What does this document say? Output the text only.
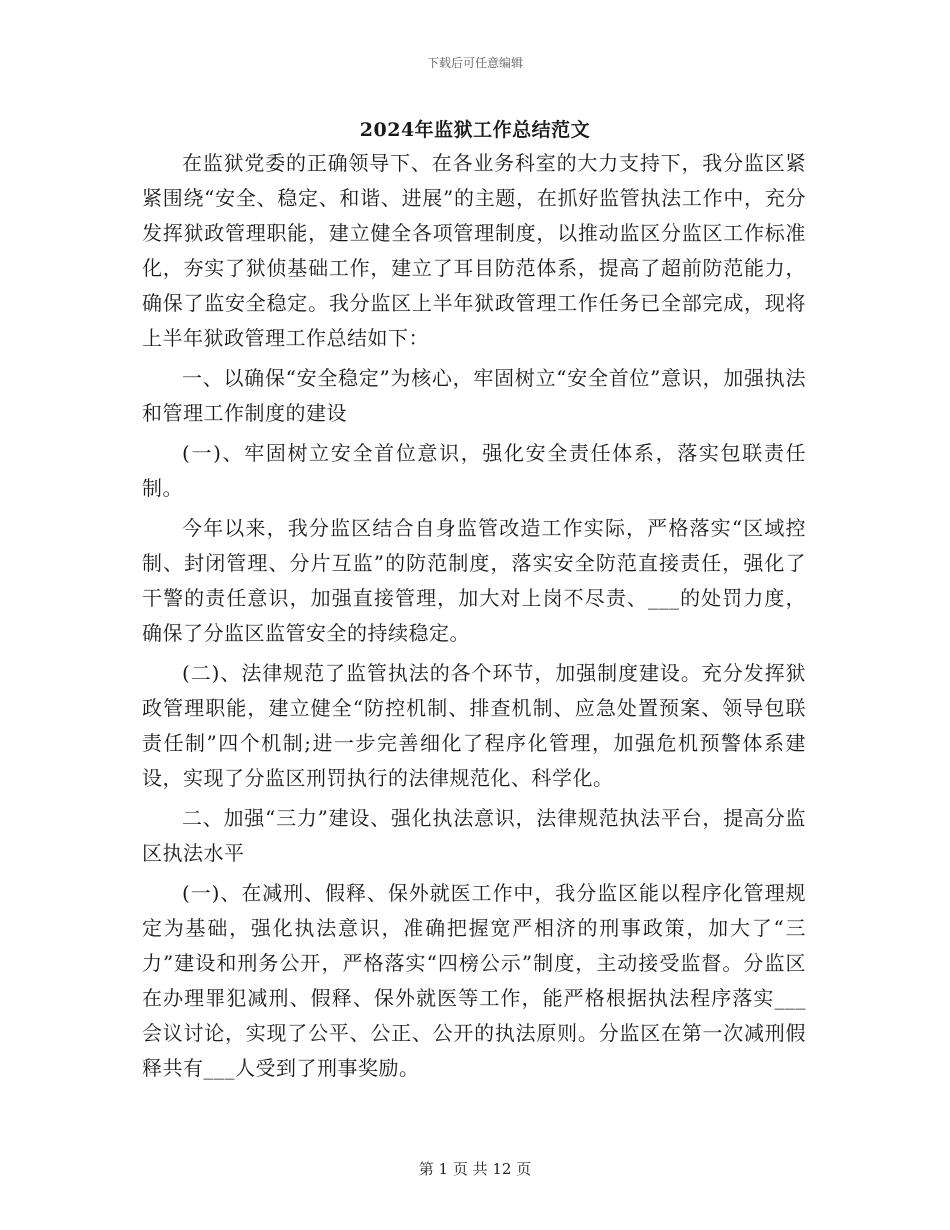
下载后可任意编辑
2024年监狱工作总结范文

在监狱党委的正确领导下、在各业务科室的大力支持下，我分监区紧紧围绕“安全、稳定、和谐、进展”的主题，在抓好监管执法工作中，充分发挥狱政管理职能，建立健全各项管理制度，以推动监区分监区工作标准化，夯实了狱侦基础工作，建立了耳目防范体系，提高了超前防范能力，确保了监安全稳定。我分监区上半年狱政管理工作任务已全部完成，现将上半年狱政管理工作总结如下：

一、以确保“安全稳定”为核心，牢固树立“安全首位”意识，加强执法和管理工作制度的建设

(一)、牢固树立安全首位意识，强化安全责任体系，落实包联责任制。

今年以来，我分监区结合自身监管改造工作实际，严格落实“区域控制、封闭管理、分片互监”的防范制度，落实安全防范直接责任，强化了干警的责任意识，加强直接管理，加大对上岗不尽责、___的处罚力度，确保了分监区监管安全的持续稳定。

(二)、法律规范了监管执法的各个环节，加强制度建设。充分发挥狱政管理职能，建立健全“防控机制、排查机制、应急处置预案、领导包联责任制”四个机制;进一步完善细化了程序化管理，加强危机预警体系建设，实现了分监区刑罚执行的法律规范化、科学化。

二、加强“三力”建设、强化执法意识，法律规范执法平台，提高分监区执法水平

(一)、在减刑、假释、保外就医工作中，我分监区能以程序化管理规定为基础，强化执法意识，准确把握宽严相济的刑事政策，加大了“三力”建设和刑务公开，严格落实“四榜公示”制度，主动接受监督。分监区在办理罪犯减刑、假释、保外就医等工作，能严格根据执法程序落实___会议讨论，实现了公平、公正、公开的执法原则。分监区在第一次减刑假释共有___人受到了刑事奖励。

第 1 页 共 12 页
